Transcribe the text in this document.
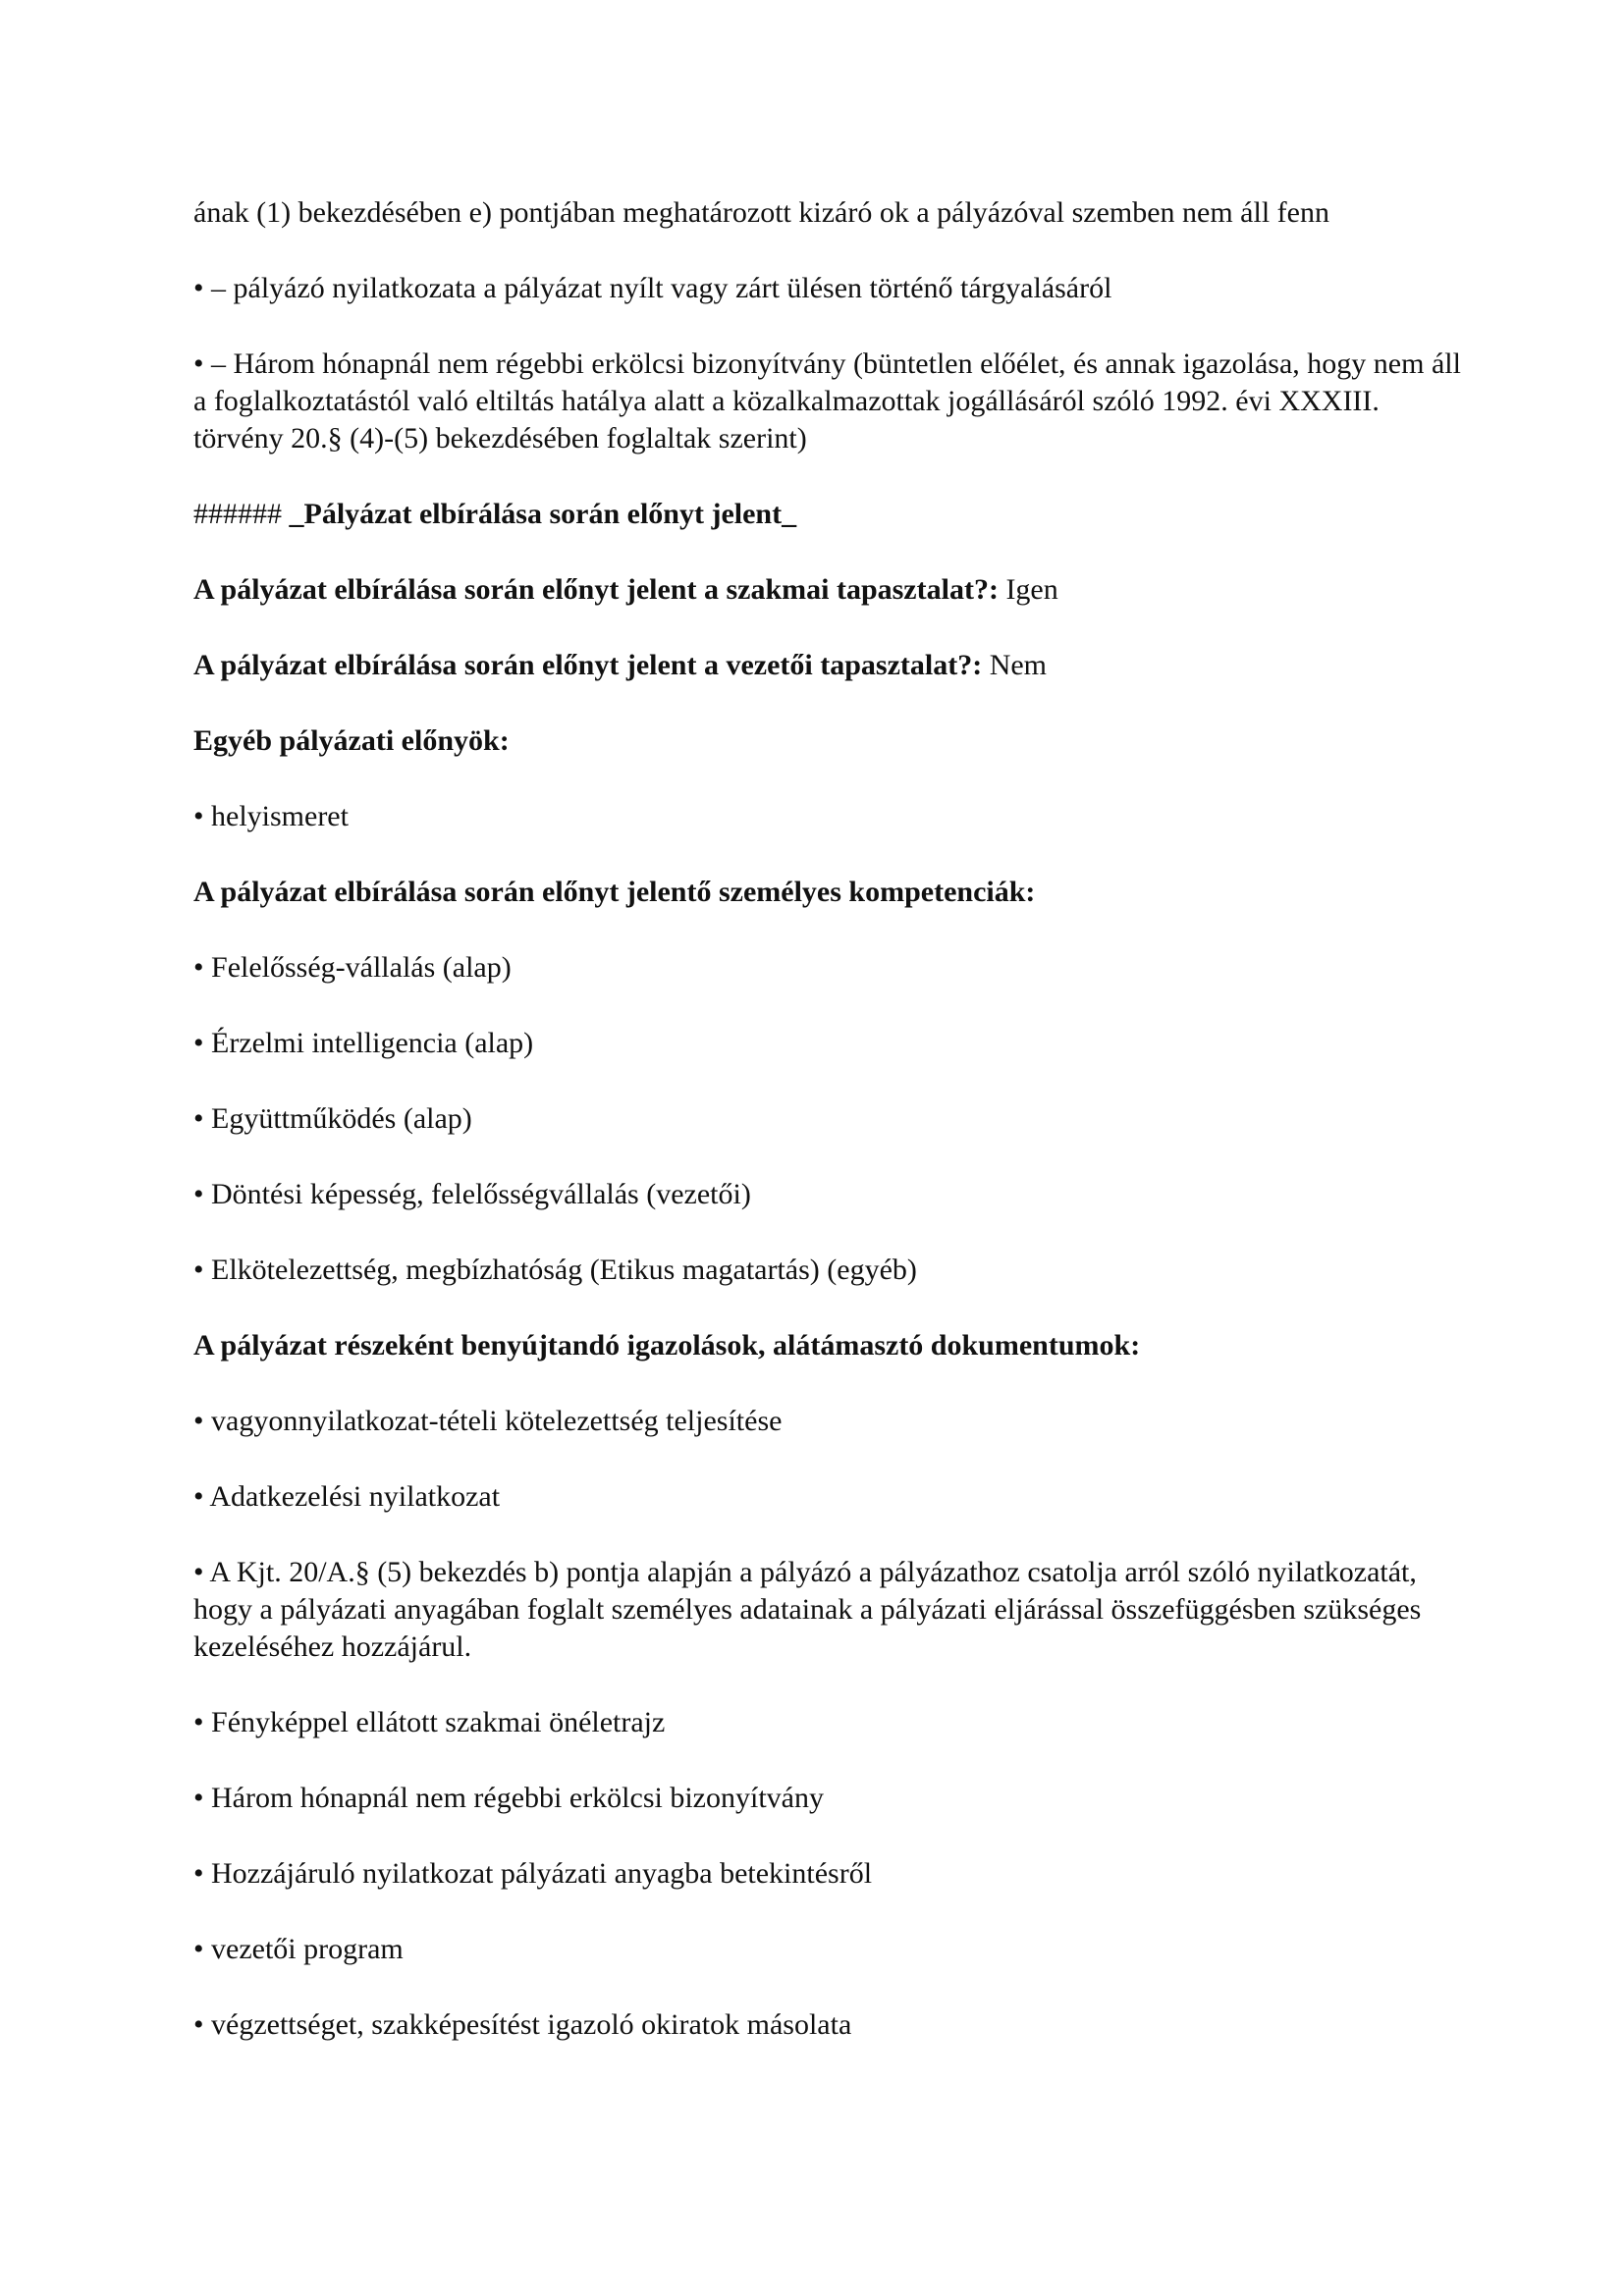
ának (1) bekezdésében e) pontjában meghatározott kizáró ok a pályázóval szemben nem áll fenn

• – pályázó nyilatkozata a pályázat nyílt vagy zárt ülésen történő tárgyalásáról

• – Három hónapnál nem régebbi erkölcsi bizonyítvány (büntetlen előélet, és annak igazolása, hogy nem áll a foglalkoztatástól való eltiltás hatálya alatt a közalkalmazottak jogállásáról szóló 1992. évi XXXIII. törvény 20.§ (4)-(5) bekezdésében foglaltak szerint)

###### _Pályázat elbírálása során előnyt jelent_

A pályázat elbírálása során előnyt jelent a szakmai tapasztalat?: Igen

A pályázat elbírálása során előnyt jelent a vezetői tapasztalat?: Nem

Egyéb pályázati előnyök:

• helyismeret

A pályázat elbírálása során előnyt jelentő személyes kompetenciák:

• Felelősség-vállalás (alap)

• Érzelmi intelligencia (alap)

• Együttműködés (alap)

• Döntési képesség, felelősségvállalás (vezetői)

• Elkötelezettség, megbízhatóság (Etikus magatartás) (egyéb)

A pályázat részeként benyújtandó igazolások, alátámasztó dokumentumok:

• vagyonnyilatkozat-tételi kötelezettség teljesítése

• Adatkezelési nyilatkozat

• A Kjt. 20/A.§ (5) bekezdés b) pontja alapján a pályázó a pályázathoz csatolja arról szóló nyilatkozatát, hogy a pályázati anyagában foglalt személyes adatainak a pályázati eljárással összefüggésben szükséges kezeléséhez hozzájárul.

• Fényképpel ellátott szakmai önéletrajz

• Három hónapnál nem régebbi erkölcsi bizonyítvány

• Hozzájáruló nyilatkozat pályázati anyagba betekintésről

• vezetői program

• végzettséget, szakképesítést igazoló okiratok másolata
